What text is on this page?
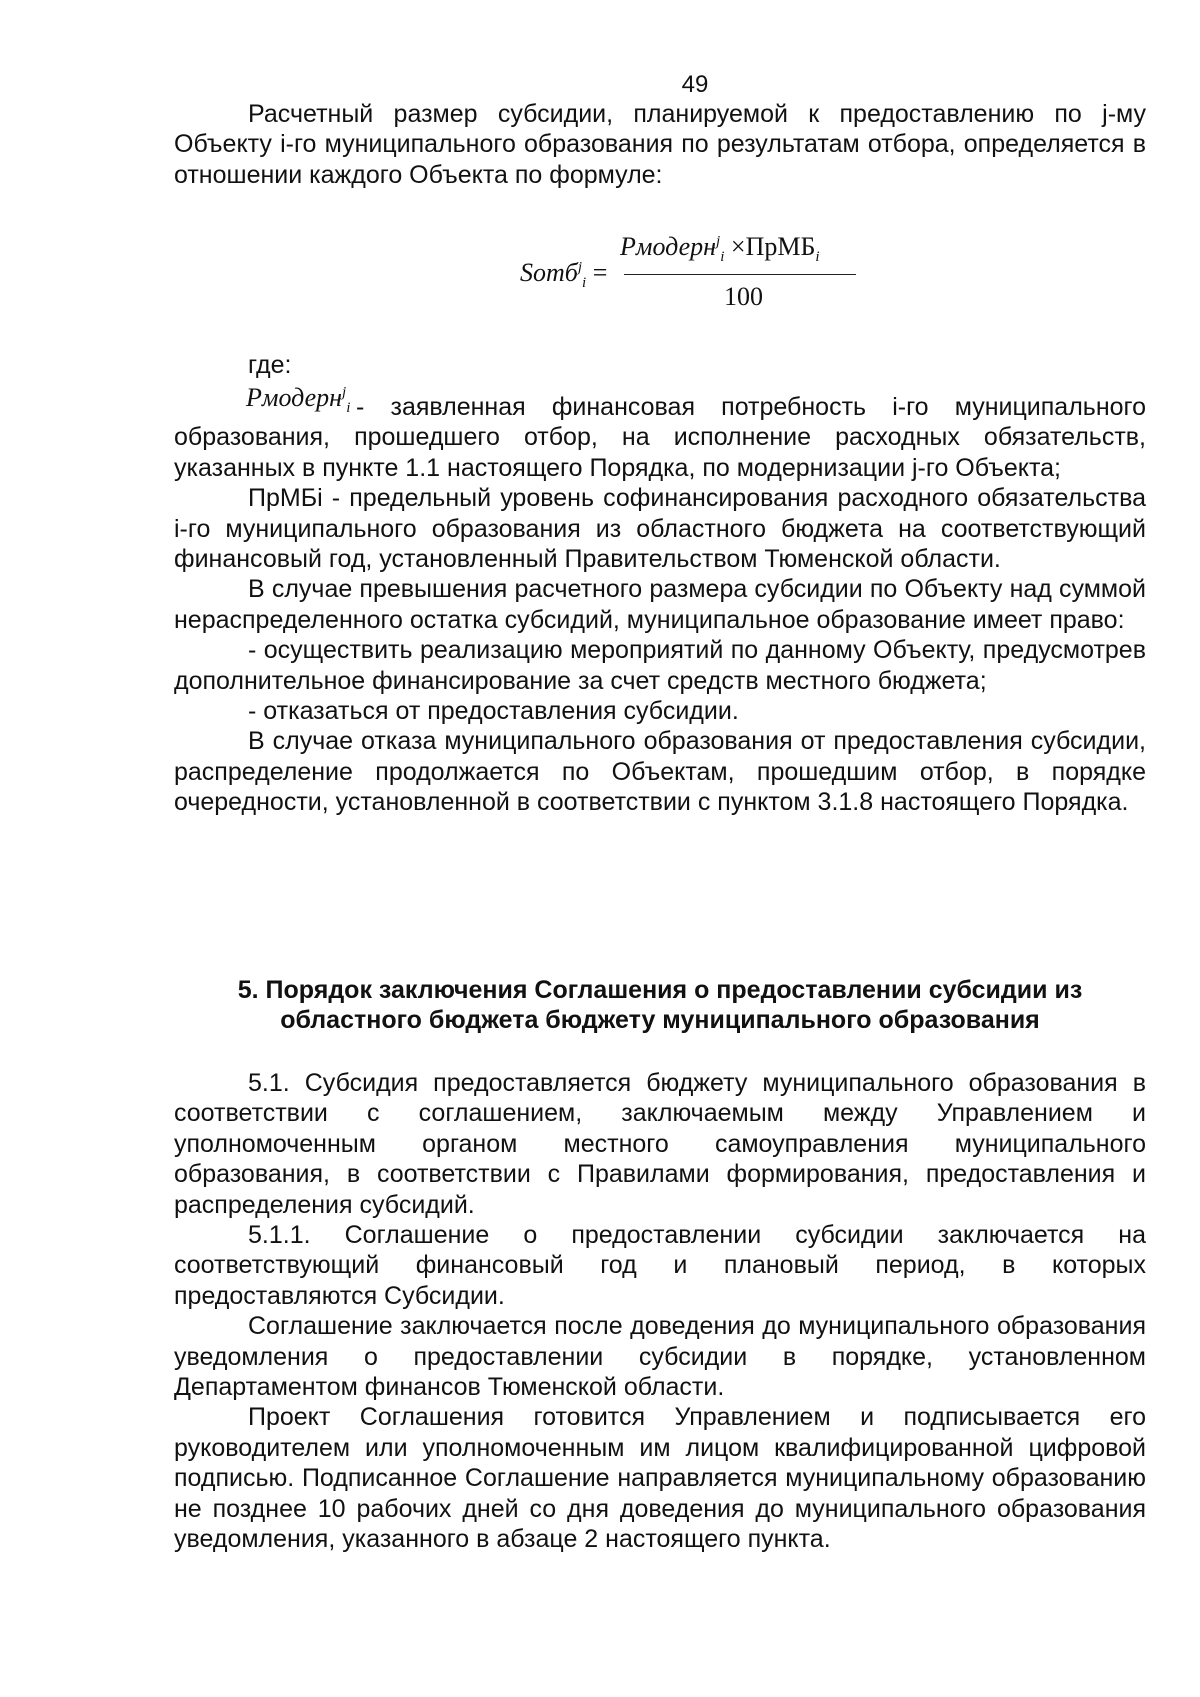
49

Расчетный размер субсидии, планируемой к предоставлению по j-му Объекту i-го муниципального образования по результатам отбора, определяется в отношении каждого Объекта по формуле:

Somб$^j_i$ =
Рмодерн$^j_i$ ×ПрМБ$_i$
100
где:

- заявленная финансовая потребность i-го муниципального образования, прошедшего отбор, на исполнение расходных обязательств, указанных в пункте 1.1 настоящего Порядка, по модернизации j-го Объекта;

ПрМБi - предельный уровень софинансирования расходного обязательства i-го муниципального образования из областного бюджета на соответствующий финансовый год, установленный Правительством Тюменской области.

В случае превышения расчетного размера субсидии по Объекту над суммой нераспределенного остатка субсидий, муниципальное образование имеет право:

- осуществить реализацию мероприятий по данному Объекту, предусмотрев дополнительное финансирование за счет средств местного бюджета;

- отказаться от предоставления субсидии.

В случае отказа муниципального образования от предоставления субсидии, распределение продолжается по Объектам, прошедшим отбор, в порядке очередности, установленной в соответствии с пунктом 3.1.8 настоящего Порядка.

Рмодерн$^j_i$
5. Порядок заключения Соглашения о предоставлении субсидии из
областного бюджета бюджету муниципального образования

5.1. Субсидия предоставляется бюджету муниципального образования в соответствии с соглашением, заключаемым между Управлением и уполномоченным органом местного самоуправления муниципального образования, в соответствии с Правилами формирования, предоставления и распределения субсидий.

5.1.1. Соглашение о предоставлении субсидии заключается на соответствующий финансовый год и плановый период, в которых предоставляются Субсидии.

Соглашение заключается после доведения до муниципального образования уведомления о предоставлении субсидии в порядке, установленном Департаментом финансов Тюменской области.

Проект Соглашения готовится Управлением и подписывается его руководителем или уполномоченным им лицом квалифицированной цифровой подписью. Подписанное Соглашение направляется муниципальному образованию не позднее 10 рабочих дней со дня доведения до муниципального образования уведомления, указанного в абзаце 2 настоящего пункта.
